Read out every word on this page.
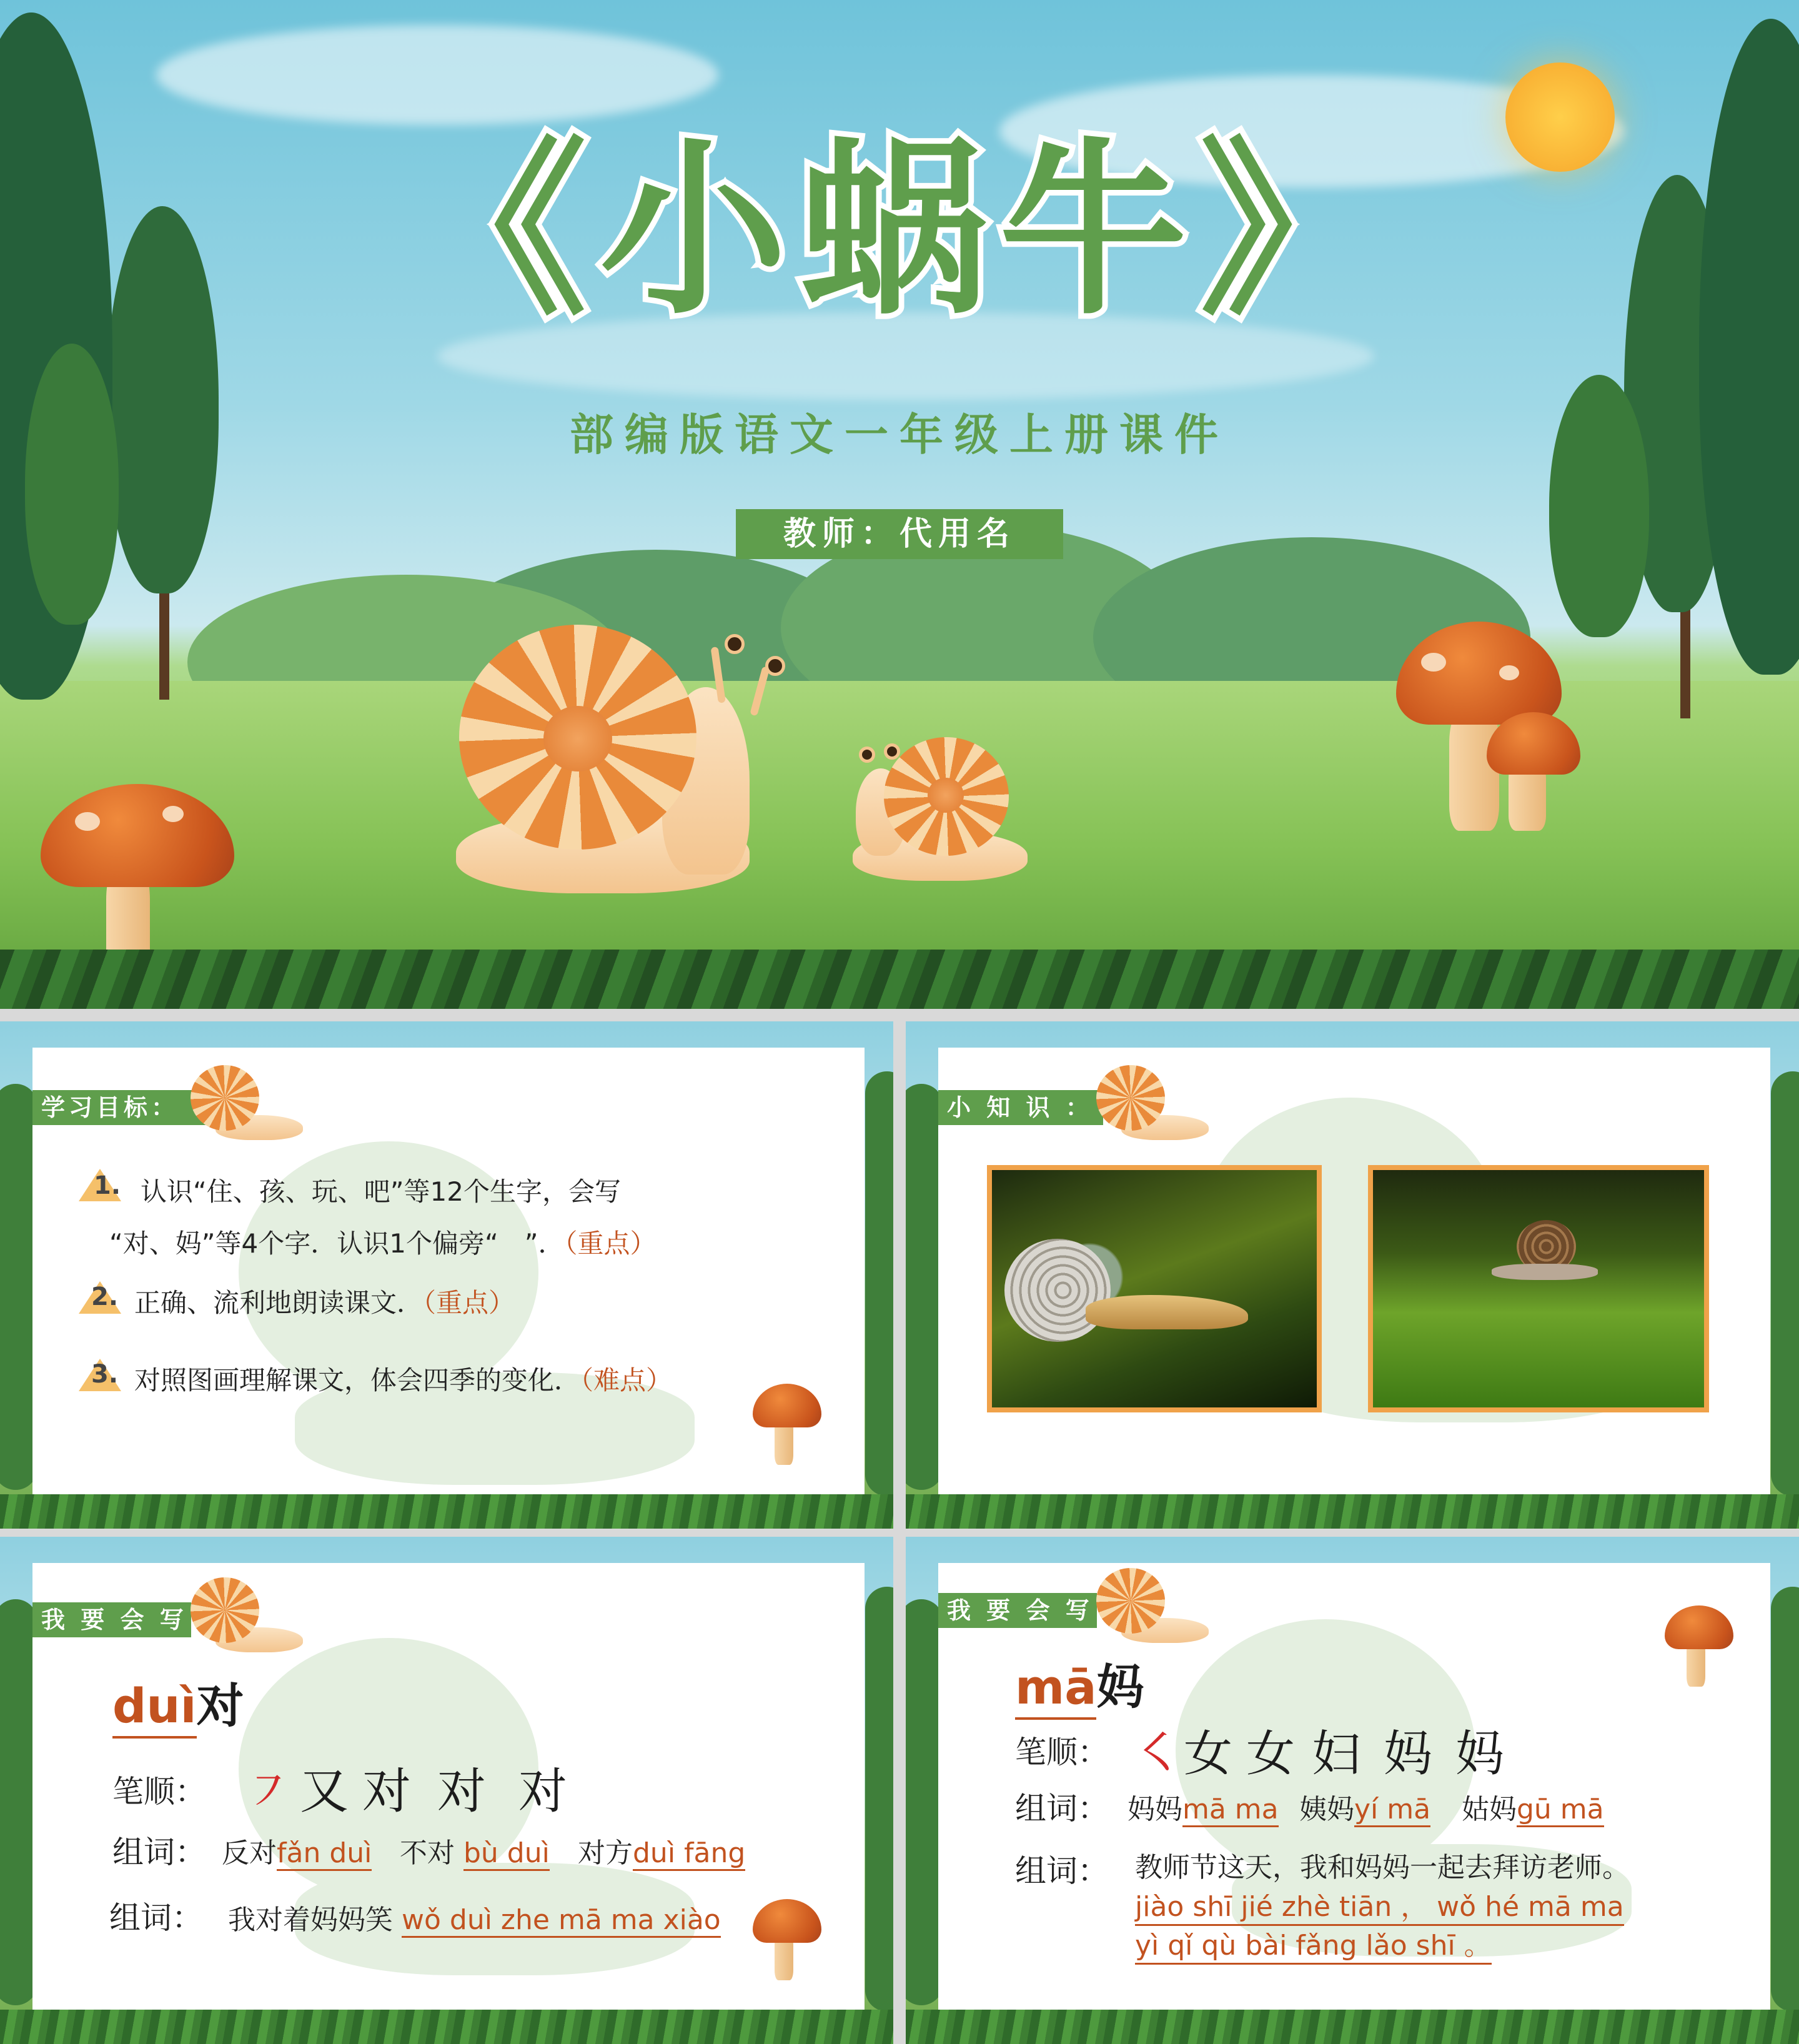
《小蜗牛》
部编版语文一年级上册课件
教师：代用名
学习目标：
1. 认识“住、孩、玩、吧”等12个生字，会写
“对、妈”等4个字．认识1个偏旁“　”．（重点）
2. 正确、流利地朗读课文．（重点）
3. 对照图画理解课文，体会四季的变化．（难点）
小 知 识 ：
我 要 会 写
duì对
笔顺： ㇇ 又 对 对 对
组词： 反对fǎn duì 不对 bù duì 对方duì fāng
组词： 我对着妈妈笑 wǒ duì zhe mā ma xiào
我 要 会 写
mā妈
笔顺： ㇛ 女 女 妇 妈 妈
组词： 妈妈mā ma 姨妈yí mā 姑妈gū mā
组词： 教师节这天，我和妈妈一起去拜访老师。
jiào shī jié zhè tiān ， wǒ hé mā ma
yì qǐ qù bài fǎng lǎo shī 。
